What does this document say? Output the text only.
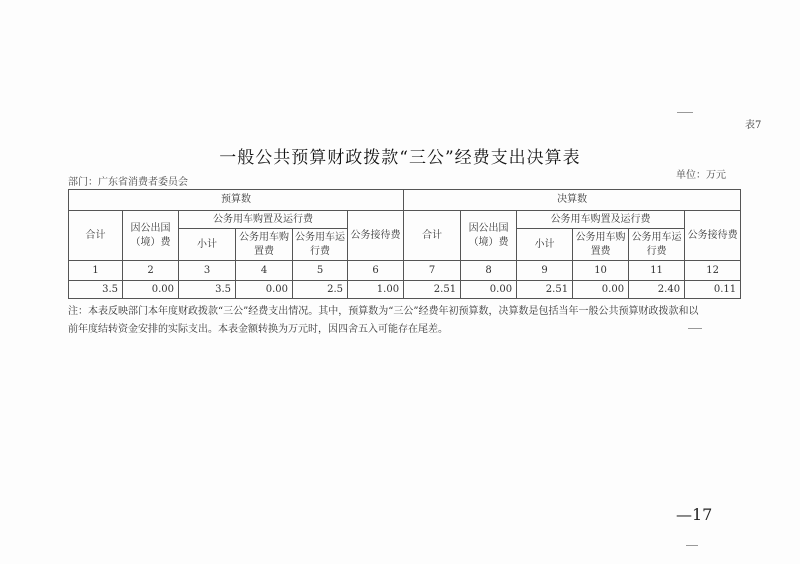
表7
一般公共预算财政拨款“三公”经费支出决算表
部门：广东省消费者委员会
单位：万元
预算数						决算数					
合计	因公出国（境）费	公务用车购置及运行费			公务接待费	合计	因公出国（境）费	公务用车购置及运行费			公务接待费
		小计	公务用车购置费	公务用车运行费				小计	公务用车购置费	公务用车运行费	
1	2	3	4	5	6	7	8	9	10	11	12
3.5	0.00	3.5	0.00	2.5	1.00	2.51	0.00	2.51	0.00	2.40	0.11
注：本表反映部门本年度财政拨款“三公”经费支出情况。其中，预算数为“三公”经费年初预算数，决算数是包括当年一般公共预算财政拨款和以
前年度结转资金安排的实际支出。本表金额转换为万元时，因四舍五入可能存在尾差。
—17
